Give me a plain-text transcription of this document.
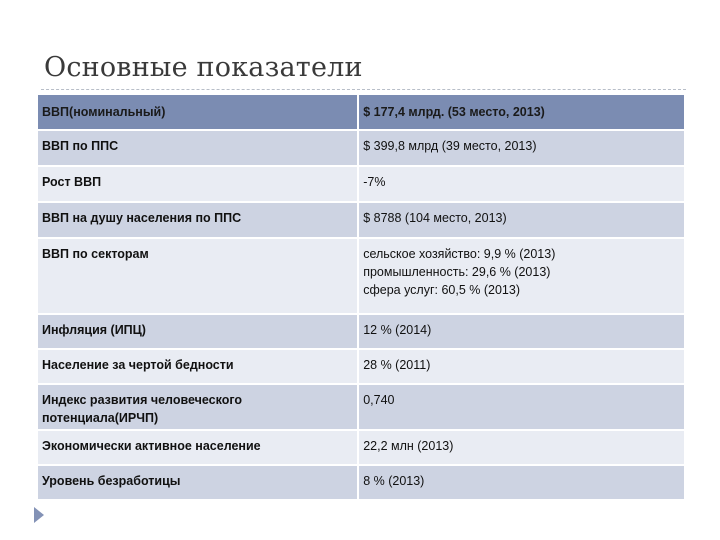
Основные показатели
ВВП(номинальный)	$ 177,4 млрд. (53 место, 2013)
ВВП по ППС	$ 399,8 млрд (39 место, 2013)
Рост ВВП	-7%
ВВП на душу населения по ППС	$ 8788 (104 место, 2013)
ВВП по секторам	сельское хозяйство: 9,9 % (2013)
промышленность: 29,6 % (2013)
сфера услуг: 60,5 % (2013)

Инфляция (ИПЦ)	12 % (2014)
Население за чертой бедности	28 % (2011)
Индекс развития человеческого потенциала(ИРЧП)	0,740
Экономически активное население	22,2 млн (2013)
Уровень безработицы	8 % (2013)
